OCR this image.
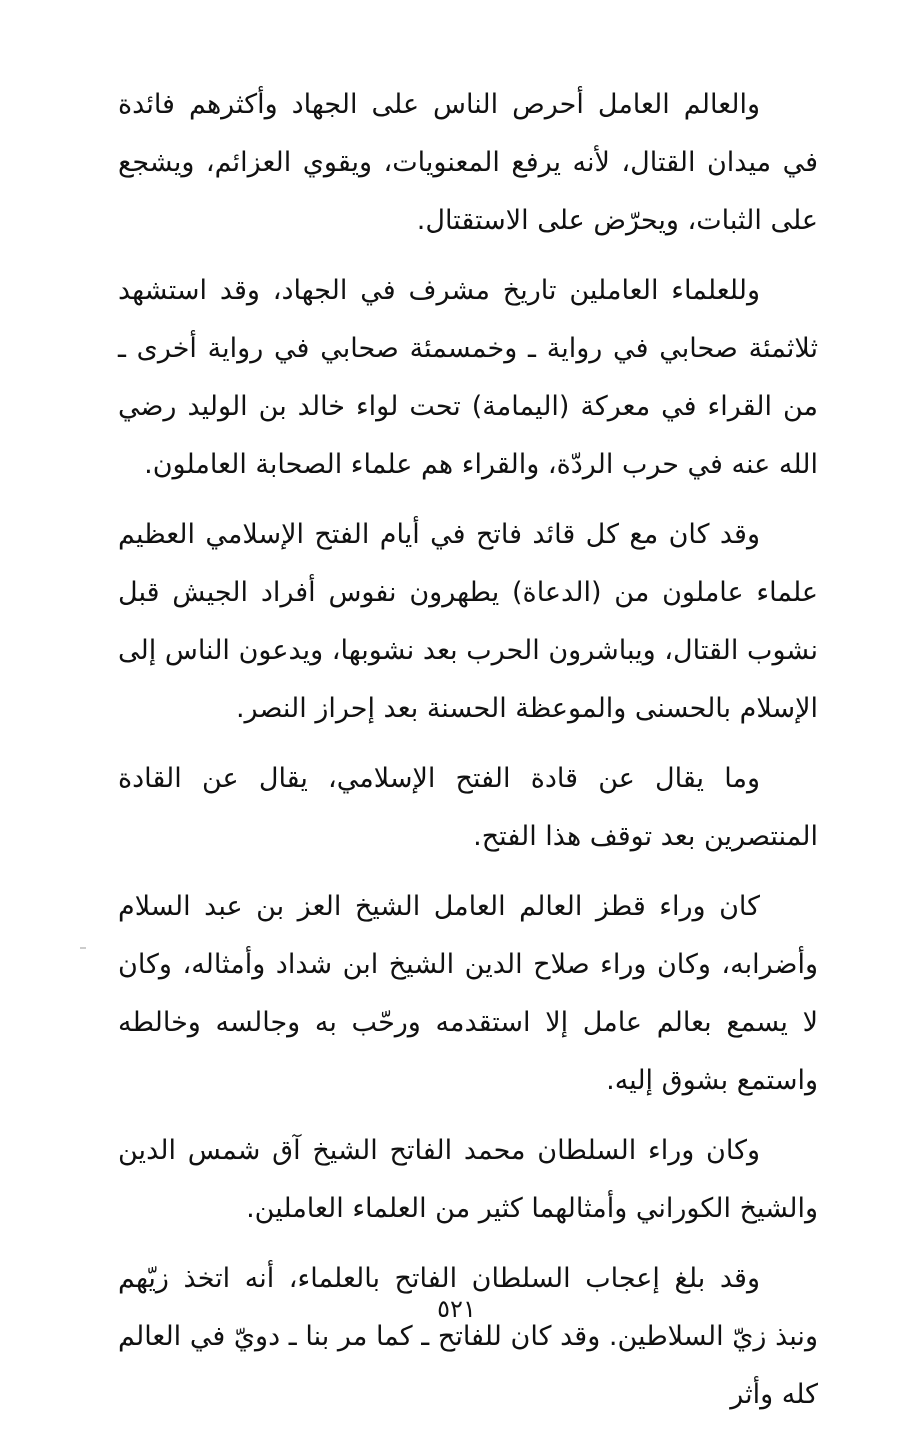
والعالم العامل أحرص الناس على الجهاد وأكثرهم فائدة في ميدان القتال، لأنه يرفع المعنويات، ويقوي العزائم، ويشجع على الثبات، ويحرّض على الاستقتال.

وللعلماء العاملين تاريخ مشرف في الجهاد، وقد استشهد ثلاثمئة صحابي في رواية ـ وخمسمئة صحابي في رواية أخرى ـ من القراء في معركة (اليمامة) تحت لواء خالد بن الوليد رضي الله عنه في حرب الردّة، والقراء هم علماء الصحابة العاملون.

وقد كان مع كل قائد فاتح في أيام الفتح الإسلامي العظيم علماء عاملون من (الدعاة) يطهرون نفوس أفراد الجيش قبل نشوب القتال، ويباشرون الحرب بعد نشوبها، ويدعون الناس إلى الإسلام بالحسنى والموعظة الحسنة بعد إحراز النصر.

وما يقال عن قادة الفتح الإسلامي، يقال عن القادة المنتصرين بعد توقف هذا الفتح.

كان وراء قطز العالم العامل الشيخ العز بن عبد السلام وأضرابه، وكان وراء صلاح الدين الشيخ ابن شداد وأمثاله، وكان لا يسمع بعالم عامل إلا استقدمه ورحّب به وجالسه وخالطه واستمع بشوق إليه.

وكان وراء السلطان محمد الفاتح الشيخ آق شمس الدين والشيخ الكوراني وأمثالهما كثير من العلماء العاملين.

وقد بلغ إعجاب السلطان الفاتح بالعلماء، أنه اتخذ زيّهم ونبذ زيّ السلاطين. وقد كان للفاتح ـ كما مر بنا ـ دويّ في العالم كله وأثر

٥٢١
